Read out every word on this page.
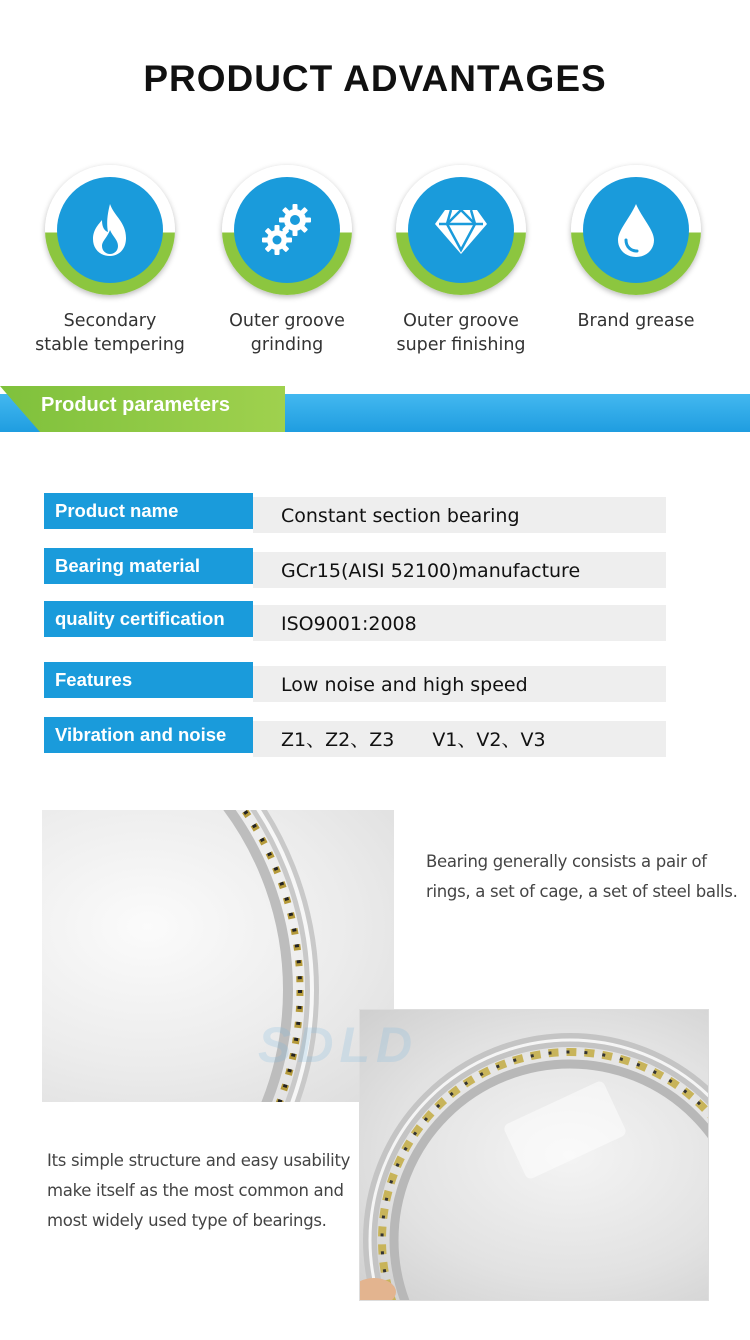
PRODUCT ADVANTAGES
Secondary
stable tempering
Outer groove
grinding
Outer groove
super finishing
Brand grease
Product parameters
Product name	Constant section bearing
Bearing material	GCr15(AISI 52100)manufacture
quality certification	ISO9001:2008
Features	Low noise and high speed
Vibration and noise	Z1、Z2、Z3　　V1、V2、V3
Bearing generally consists a pair of
rings, a set of cage, a set of steel balls.
SDLD
Its simple structure and easy usability
make itself as the most common and
most widely used type of bearings.
